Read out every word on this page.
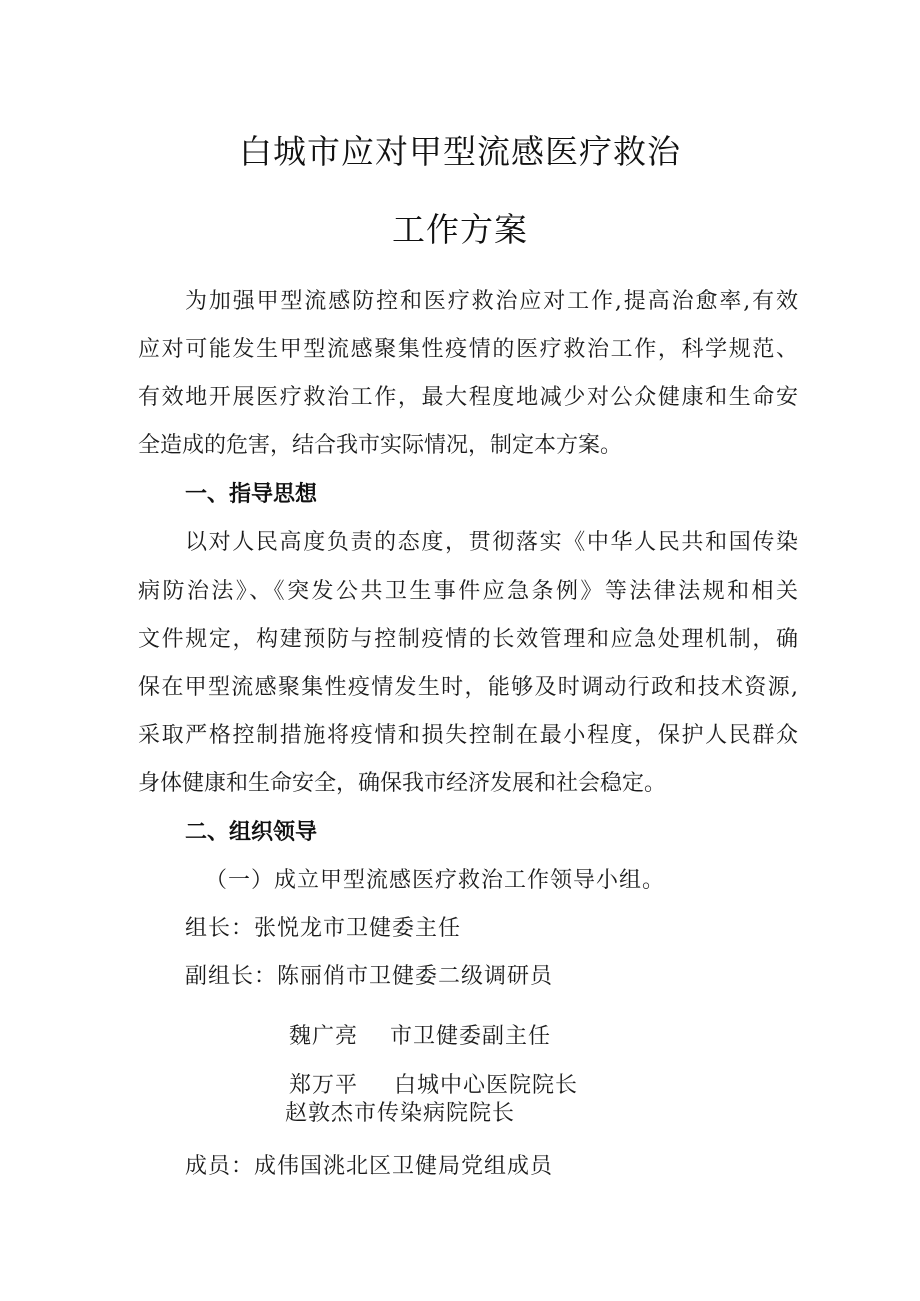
白城市应对甲型流感医疗救治
工作方案
为加强甲型流感防控和医疗救治应对工作,提高治愈率,有效
应对可能发生甲型流感聚集性疫情的医疗救治工作，科学规范、
有效地开展医疗救治工作，最大程度地减少对公众健康和生命安
全造成的危害，结合我市实际情况，制定本方案。
一、指导思想
以对人民高度负责的态度，贯彻落实《中华人民共和国传染
病防治法》、《突发公共卫生事件应急条例》等法律法规和相关
文件规定，构建预防与控制疫情的长效管理和应急处理机制，确
保在甲型流感聚集性疫情发生时，能够及时调动行政和技术资源,
采取严格控制措施将疫情和损失控制在最小程度，保护人民群众
身体健康和生命安全，确保我市经济发展和社会稳定。
二、组织领导
（一）成立甲型流感医疗救治工作领导小组。
组长：张悦龙市卫健委主任
副组长：陈丽俏市卫健委二级调研员
魏广亮 市卫健委副主任
郑万平 白城中心医院院长
赵敦杰市传染病院院长
成员：成伟国洮北区卫健局党组成员
